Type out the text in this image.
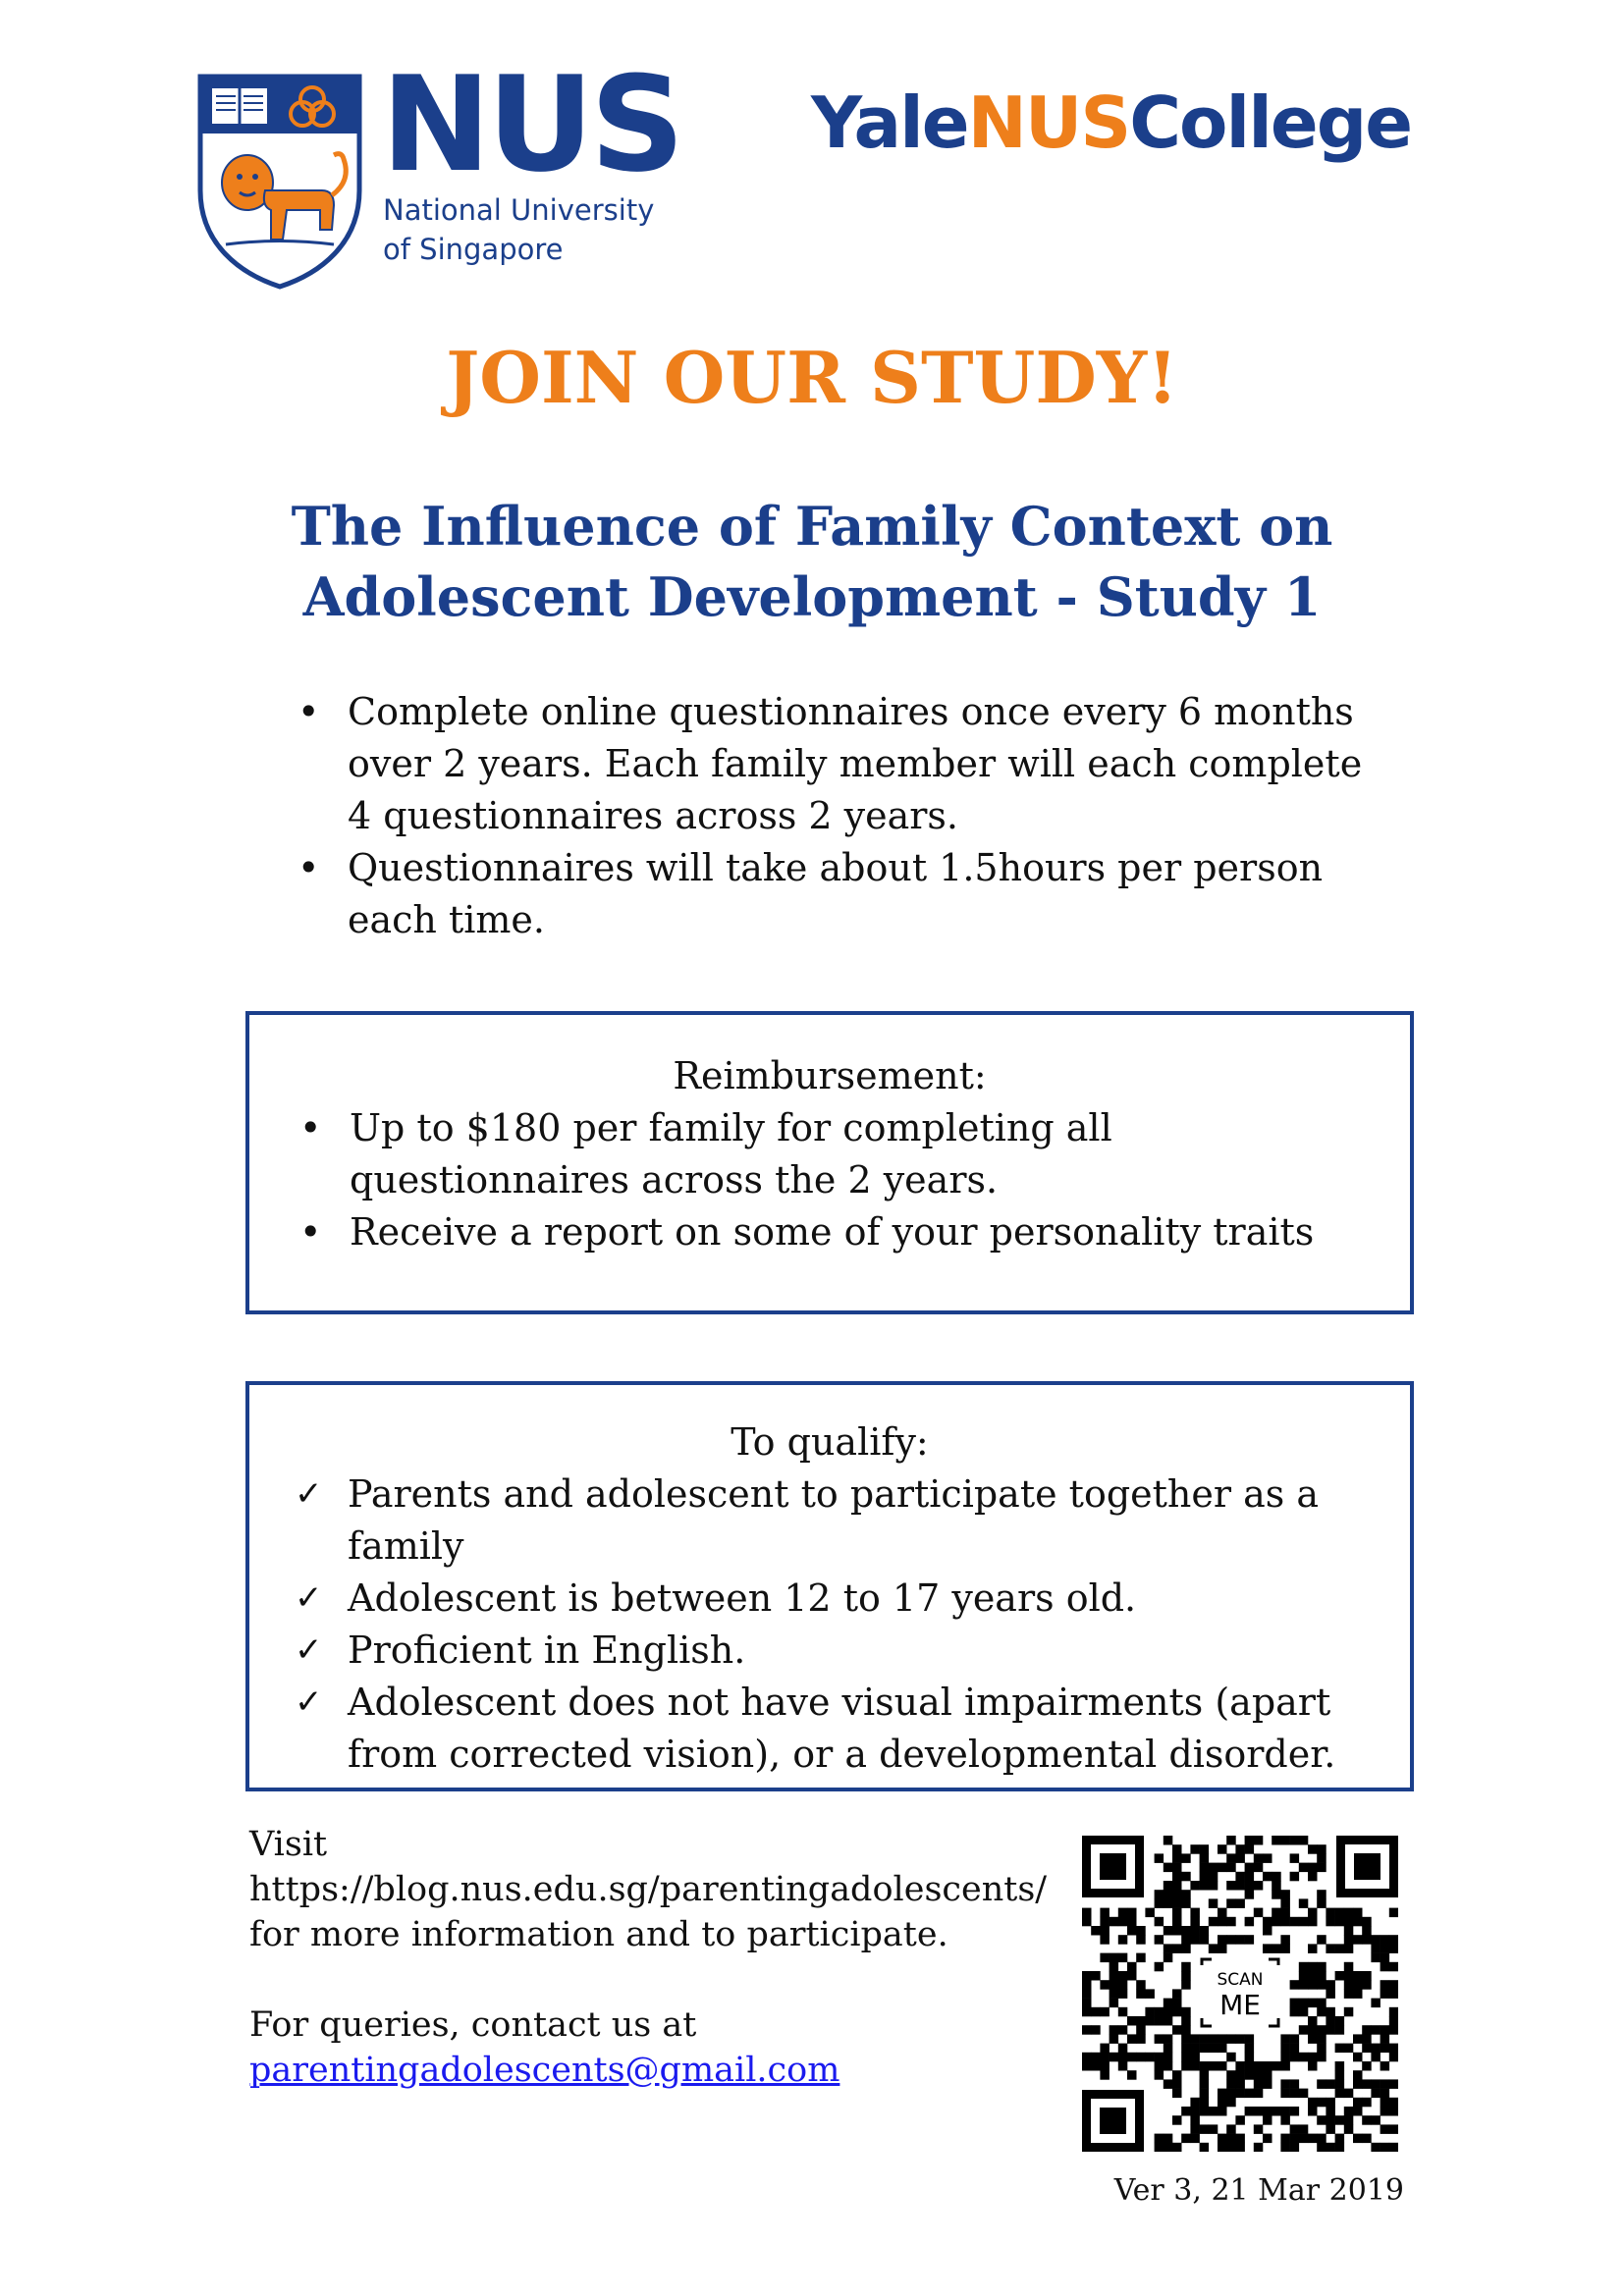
NUS
National University
of Singapore
YaleNUSCollege
JOIN OUR STUDY!
The Influence of Family Context on
Adolescent Development - Study 1
• Complete online questionnaires once every 6 months over 2 years. Each family member will each complete 4 questionnaires across 2 years.
• Questionnaires will take about 1.5hours per person each time.
Reimbursement:
• Up to $180 per family for completing all questionnaires across the 2 years.
• Receive a report on some of your personality traits
To qualify:
✓ Parents and adolescent to participate together as a family
✓ Adolescent is between 12 to 17 years old.
✓ Proficient in English.
✓ Adolescent does not have visual impairments (apart from corrected vision), or a developmental disorder.

Visit

https://blog.nus.edu.sg/parentingadolescents/

for more information and to participate.

For queries, contact us at

parentingadolescents@gmail.com

SCAN
ME
Ver 3, 21 Mar 2019
